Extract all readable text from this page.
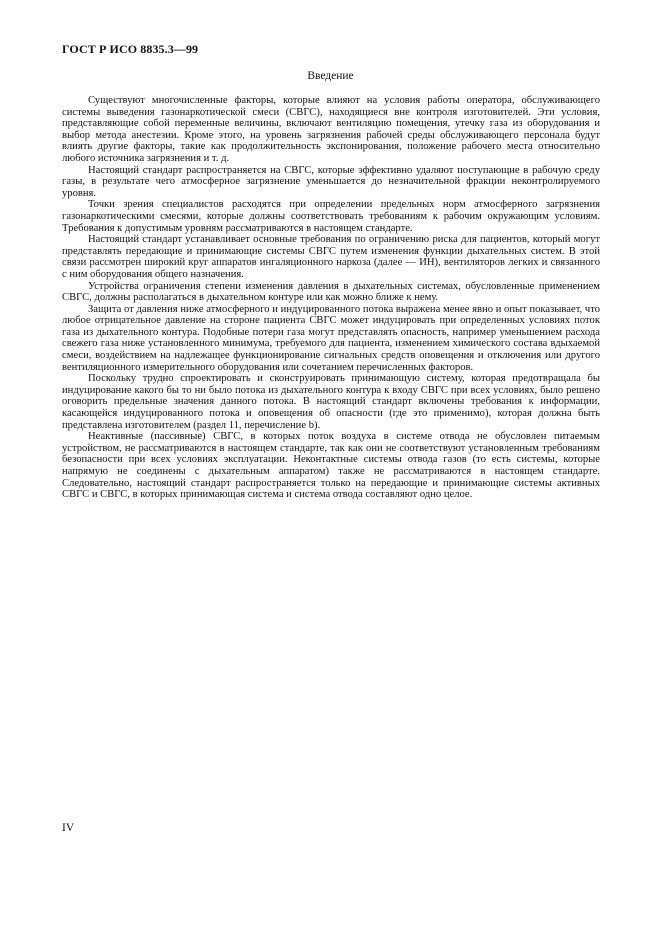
ГОСТ Р ИСО 8835.3—99
Введение

Существуют многочисленные факторы, которые влияют на условия работы оператора, обслуживающего системы выведения газонаркотической смеси (СВГС), находящиеся вне контроля изготовителей. Эти условия, представляющие собой переменные величины, включают вентиляцию помещения, утечку газа из оборудования и выбор метода анестезии. Кроме этого, на уровень загрязнения рабочей среды обслуживающего персонала будут влиять другие факторы, такие как продолжительность экспонирования, положение рабочего места относительно любого источника загрязнения и т. д.

Настоящий стандарт распространяется на СВГС, которые эффективно удаляют поступающие в рабочую среду газы, в результате чего атмосферное загрязнение уменьшается до незначительной фракции неконтролируемого уровня.

Точки зрения специалистов расходятся при определении предельных норм атмосферного загрязнения газонаркотическими смесями, которые должны соответствовать требованиям к рабочим окружающим условиям. Требования к допустимым уровням рассматриваются в настоящем стандарте.

Настоящий стандарт устанавливает основные требования по ограничению риска для пациентов, который могут представлять передающие и принимающие системы СВГС путем изменения функции дыхательных систем. В этой связи рассмотрен широкий круг аппаратов ингаляционного наркоза (далее — ИН), вентиляторов легких и связанного с ним оборудования общего назначения.

Устройства ограничения степени изменения давления в дыхательных системах, обусловленные применением СВГС, должны располагаться в дыхательном контуре или как можно ближе к нему.

Защита от давления ниже атмосферного и индуцированного потока выражена менее явно и опыт показывает, что любое отрицательное давление на стороне пациента СВГС может индуцировать при определенных условиях поток газа из дыхательного контура. Подобные потери газа могут представлять опасность, например уменьшением расхода свежего газа ниже установленного минимума, требуемого для пациента, изменением химического состава вдыхаемой смеси, воздействием на надлежащее функционирование сигнальных средств оповещения и отключения или другого вентиляционного измерительного оборудования или сочетанием перечисленных факторов.

Поскольку трудно спроектировать и сконструировать принимающую систему, которая предотвращала бы индуцирование какого бы то ни было потока из дыхательного контура к входу СВГС при всех условиях, было решено оговорить предельные значения данного потока. В настоящий стандарт включены требования к информации, касающейся индуцированного потока и оповещения об опасности (где это применимо), которая должна быть представлена изготовителем (раздел 11, перечисление b).

Неактивные (пассивные) СВГС, в которых поток воздуха в системе отвода не обусловлен питаемым устройством, не рассматриваются в настоящем стандарте, так как они не соответствуют установленным требованиям безопасности при всех условиях эксплуатации. Неконтактные системы отвода газов (то есть системы, которые напрямую не соединены с дыхательным аппаратом) также не рассматриваются в настоящем стандарте. Следовательно, настоящий стандарт распространяется только на передающие и принимающие системы активных СВГС и СВГС, в которых принимающая система и система отвода составляют одно целое.

IV
